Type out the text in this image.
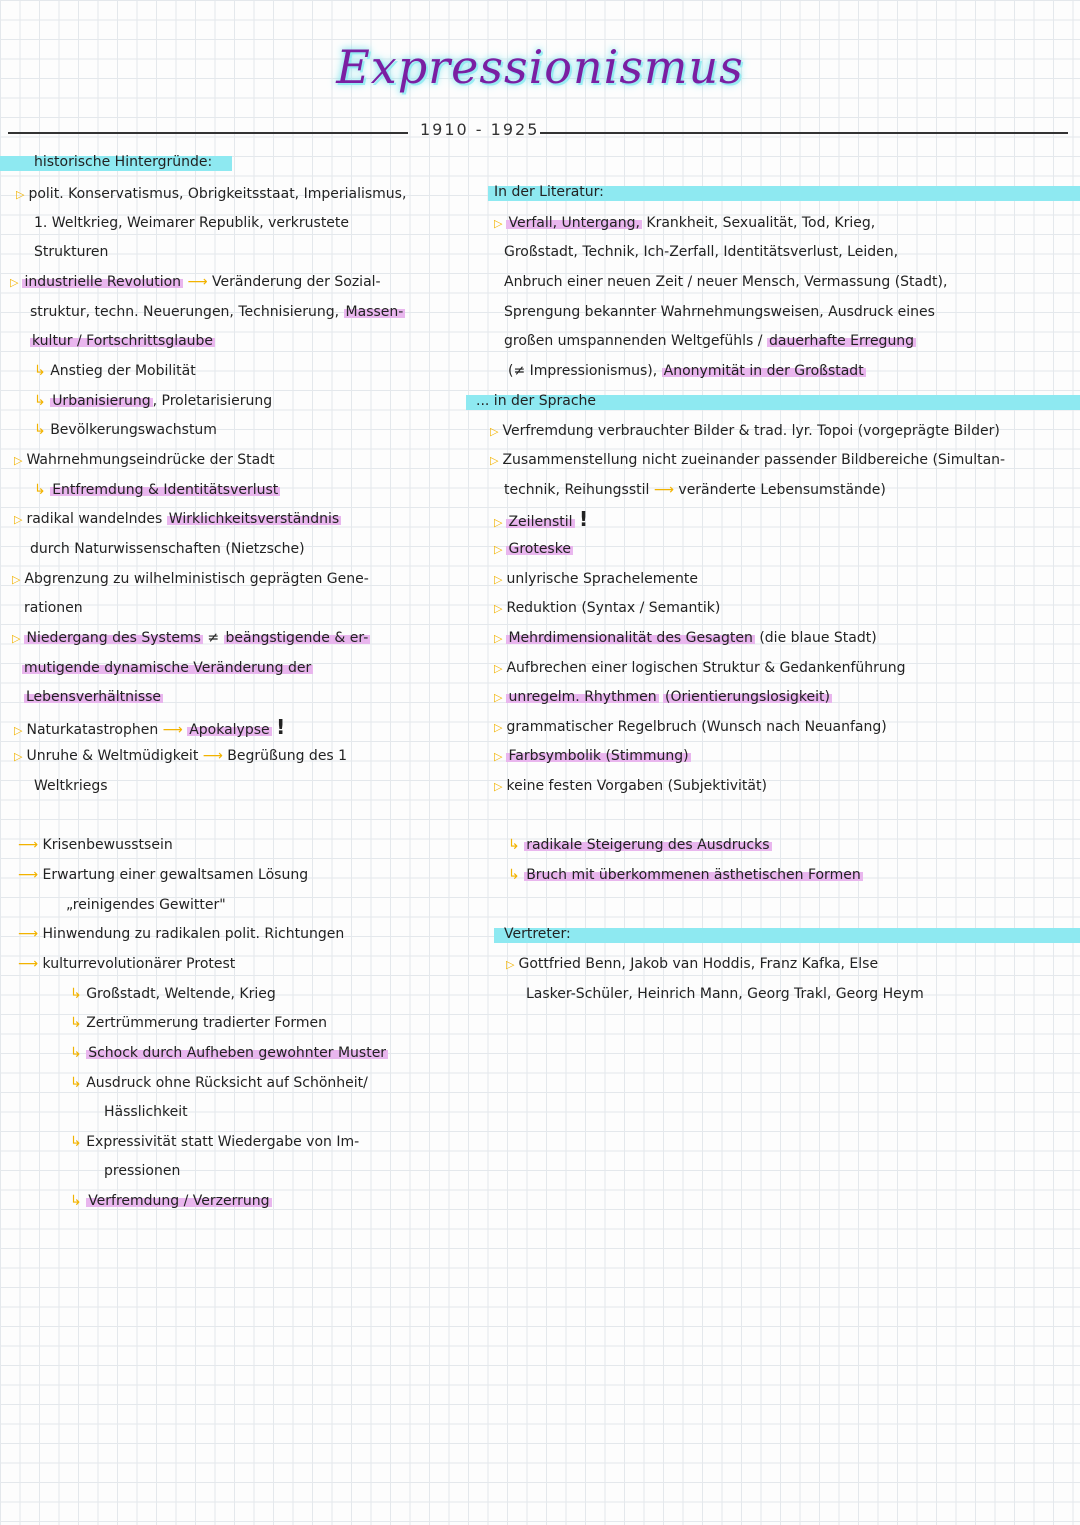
Expressionismus
1910 - 1925
historische Hintergründe:
▷ polit. Konservatismus, Obrigkeitsstaat, Imperialismus,
1. Weltkrieg, Weimarer Republik, verkrustete
Strukturen
▷ industrielle Revolution ⟶ Veränderung der Sozial-
struktur, techn. Neuerungen, Technisierung, Massen-
kultur / Fortschrittsglaube
↳ Anstieg der Mobilität
↳ Urbanisierung , Proletarisierung
↳ Bevölkerungswachstum
▷ Wahrnehmungseindrücke der Stadt
↳ Entfremdung & Identitätsverlust
▷ radikal wandelndes Wirklichkeitsverständnis
durch Naturwissenschaften (Nietzsche)
▷ Abgrenzung zu wilhelministisch geprägten Gene-
rationen
▷ Niedergang des Systems ≠ beängstigende & er-
mutigende dynamische Veränderung der
Lebensverhältnisse
▷ Naturkatastrophen ⟶ Apokalypse !
▷ Unruhe & Weltmüdigkeit ⟶ Begrüßung des 1
Weltkriegs
⟶ Krisenbewusstsein
⟶ Erwartung einer gewaltsamen Lösung
„reinigendes Gewitter"
⟶ Hinwendung zu radikalen polit. Richtungen
⟶ kulturrevolutionärer Protest
↳ Großstadt, Weltende, Krieg
↳ Zertrümmerung tradierter Formen
↳ Schock durch Aufheben gewohnter Muster
↳ Ausdruck ohne Rücksicht auf Schönheit/
Hässlichkeit
↳ Expressivität statt Wiedergabe von Im-
pressionen
↳ Verfremdung / Verzerrung
In der Literatur:
▷ Verfall, Untergang, Krankheit, Sexualität, Tod, Krieg,
Großstadt, Technik, Ich-Zerfall, Identitätsverlust, Leiden,
Anbruch einer neuen Zeit / neuer Mensch, Vermassung (Stadt),
Sprengung bekannter Wahrnehmungsweisen, Ausdruck eines
großen umspannenden Weltgefühls / dauerhafte Erregung
(≠ Impressionismus), Anonymität in der Großstadt
... in der Sprache
▷ Verfremdung verbrauchter Bilder & trad. lyr. Topoi (vorgeprägte Bilder)
▷ Zusammenstellung nicht zueinander passender Bildbereiche (Simultan-
technik, Reihungsstil ⟶ veränderte Lebensumstände)
▷ Zeilenstil !
▷ Groteske
▷ unlyrische Sprachelemente
▷ Reduktion (Syntax / Semantik)
▷ Mehrdimensionalität des Gesagten (die blaue Stadt)
▷ Aufbrechen einer logischen Struktur & Gedankenführung
▷ unregelm. Rhythmen (Orientierungslosigkeit)
▷ grammatischer Regelbruch (Wunsch nach Neuanfang)
▷ Farbsymbolik (Stimmung)
▷ keine festen Vorgaben (Subjektivität)
↳ radikale Steigerung des Ausdrucks
↳ Bruch mit überkommenen ästhetischen Formen
Vertreter:
▷ Gottfried Benn, Jakob van Hoddis, Franz Kafka, Else
Lasker-Schüler, Heinrich Mann, Georg Trakl, Georg Heym
